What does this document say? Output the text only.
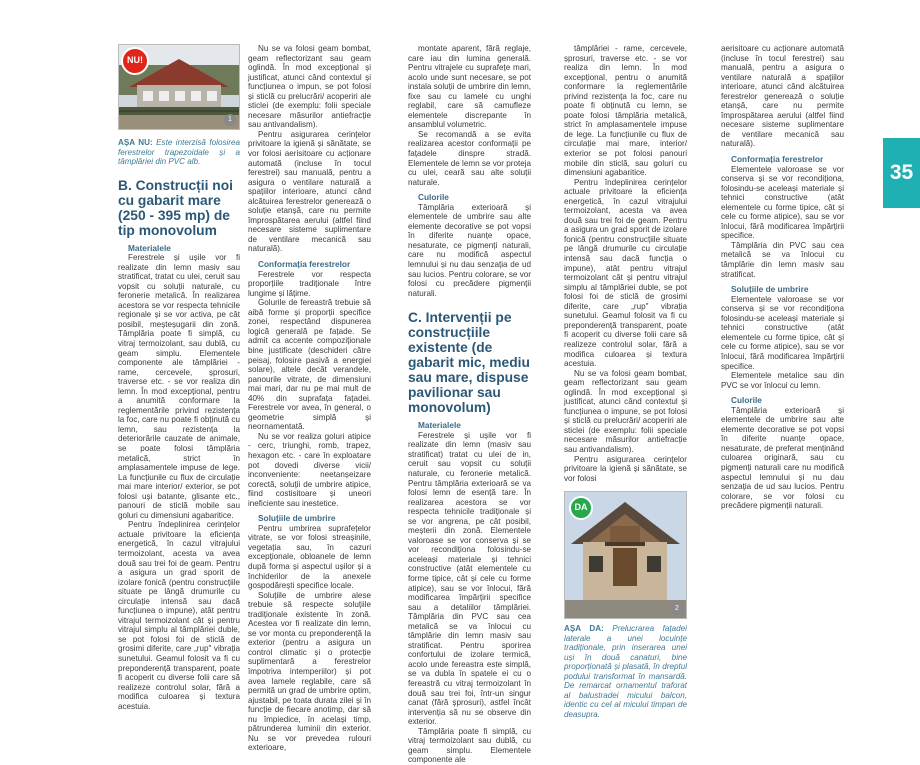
NU!
1

AȘA NU: Este interzisă folosirea ferestrelor trapezoidale și a tâmplăriei din PVC alb.

B. Construcții noi cu gabarit mare (250 - 395 mp) de tip monovolum
Materialele

Ferestrele și ușile vor fi realizate din lemn masiv sau stratificat, tratat cu ulei, ceruit sau vopsit cu soluții naturale, cu feronerie metalică. În realizarea acestora se vor respecta tehnicile regionale și se vor activa, pe cât posibil, meșteșugarii din zonă. Tâmplăria poate fi simplă, cu vitraj termoizolant, sau dublă, cu geam simplu. Elementele componente ale tâmplăriei - rame, cercevele, șprosuri, traverse etc. - se vor realiza din lemn. În mod excepțional, pentru a anumită conformare la reglementările privind rezistența la foc, care nu poate fi obținută cu lemn, sau rezistența la deteriorările cauzate de animale, se poate folosi tâmplăria metalică, strict în amplasamentele impuse de lege. La funcțiunile cu flux de circulație mai mare interior/ exterior, se pot folosi uși batante, glisante etc., panouri de sticlă mobile sau goluri cu dimensiuni agabaritice.

Pentru îndeplinirea cerințelor actuale privitoare la eficiența energetică, în cazul vitrajului termoizolant, acesta va avea două sau trei foi de geam. Pentru a asigura un grad sporit de izolare fonică (pentru construcțiile situate pe lângă drumurile cu circulație intensă sau dacă funcțiunea o impune), atât pentru vitrajul termoizolant cât și pentru vitrajul simplu al tâmplăriei duble, se pot folosi foi de sticlă de grosimi diferite, care „rup" vibrația sunetului. Geamul folosit va fi cu preponderență transparent, poate fi acoperit cu diverse folii care să realizeze controlul solar, fără a modifica culoarea și textura acestuia.

Nu se va folosi geam bombat, geam reflectorizant sau geam oglindă. În mod excepțional și justificat, atunci când contextul și funcțiunea o impun, se pot folosi și sticlă cu prelucrări/ acoperiri ale sticlei (de exemplu: folii speciale necesare măsurilor antiefracție sau antivandalism).

Pentru asigurarea cerințelor privitoare la igienă și sănătate, se vor folosi aerisitoare cu acționare automată (incluse în tocul ferestrei) sau manuală, pentru a asigura o ventilare naturală a spațiilor interioare, atunci când alcătuirea ferestrelor generează o soluție etanșă, care nu permite împrospătarea aerului (altfel fiind necesare sisteme suplimentare de ventilare mecanică sau naturală).

Conformația ferestrelor

Ferestrele vor respecta proporțiile tradiționale între lungime și lățime.

Golurile de fereastră trebuie să aibă forme și proporții specifice zonei, respectând dispunerea logică generală pe fațade. Se admit ca accente compoziționale bine justificate (deschideri către peisaj, folosire pasivă a energiei solare), altele decât verandele, panourile vitrate, de dimensiuni mai mari, dar nu pe mai mult de 40% din suprafața fațadei. Ferestrele vor avea, în general, o geometrie simplă și neornamentată.

Nu se vor realiza goluri atipice - cerc, triunghi, romb, trapez, hexagon etc. - care în exploatare pot dovedi diverse vicii/ inconveniente: neetanșeizare corectă, soluții de umbrire atipice, fiind costisitoare și uneori ineficiente sau inestetice.

Soluțiile de umbrire

Pentru umbrirea suprafețelor vitrate, se vor folosi streașinile, vegetația sau, în cazuri excepționale, obloanele de lemn după forma și aspectul ușilor și a închiderilor de la anexele gospodărești specifice locale.

Soluțiile de umbrire alese trebuie să respecte soluțiile tradiționale existente în zonă. Acestea vor fi realizate din lemn, se vor monta cu preponderență la exterior (pentru a asigura un control climatic și o protecție suplimentară a ferestrelor împotriva intemperiilor) și pot avea lamele reglabile, care să permită un grad de umbrire optim, ajustabil, pe toata durata zilei și în funcție de fiecare anotimp, dar să nu împiedice, în același timp, pătrunderea luminii din exterior. Nu se vor prevedea rulouri exterioare,

montate aparent, fără reglaje, care iau din lumina generală. Pentru vitrajele cu suprafețe mari, acolo unde sunt necesare, se pot instala soluții de umbrire din lemn, fixe sau cu lamele cu unghi reglabil, care să camufleze elementele discrepante în ansamblul volumetric.

Se recomandă a se evita realizarea acestor conformații pe fațadele dinspre stradă. Elementele de lemn se vor proteja cu ulei, ceară sau alte soluții naturale.

Culorile

Tâmplăria exterioară și elementele de umbrire sau alte elemente decorative se pot vopsi în diferite nuanțe opace, nesaturate, ce pigmenți naturali, care nu modifică aspectul lemnului și nu dau senzația de ud sau lucios. Pentru colorare, se vor folosi cu precădere pigmenții naturali.

C. Intervenții pe construcțiile existente (de gabarit mic, mediu sau mare, dispuse pavilionar sau monovolum)
Materialele

Ferestrele și ușile vor fi realizate din lemn (masiv sau stratificat) tratat cu ulei de in, ceruit sau vopsit cu soluții naturale, cu feronerie metalică. Pentru tâmplăria exterioară se va folosi lemn de esență tare. În realizarea acestora se vor respecta tehnicile tradiționale și se vor angrena, pe cât posibil, meșterii din zonă. Elementele valoroase se vor conserva și se vor recondiționa folosindu-se aceleași materiale și tehnici constructive (atât elementele cu forme tipice, cât și cele cu forme atipice), sau se vor înlocui, fără modificarea împărțirii specifice sau a detaliilor tâmplăriei. Tâmplăria din PVC sau cea metalică se va înlocui cu tâmplărie din lemn masiv sau stratificat. Pentru sporirea confortului de izolare termică, acolo unde fereastra este simplă, se va dubla în spatele ei cu o fereastră cu vitraj termoizolant în două sau trei foi, într-un singur canat (fără șprosuri), astfel încât intervenția să nu se observe din exterior.

Tâmplăria poate fi simplă, cu vitraj termoizolant sau dublă, cu geam simplu. Elementele componente ale

tâmplăriei - rame, cercevele, șprosuri, traverse etc. - se vor realiza din lemn. În mod excepțional, pentru o anumită conformare la reglementările privind rezistența la foc, care nu poate fi obținută cu lemn, se poate folosi tâmplăria metalică, strict în amplasamentele impuse de lege. La funcțiunile cu flux de circulație mai mare, interior/ exterior se pot folosi panouri mobile din sticlă, sau goluri cu dimensiuni agabaritice.

Pentru îndeplinirea cerințelor actuale privitoare la eficiența energetică, în cazul vitrajului termoizolant, acesta va avea două sau trei foi de geam. Pentru a asigura un grad sporit de izolare fonică (pentru construcțiile situate pe lângă drumurile cu circulație intensă sau dacă funcția o impune), atât pentru vitrajul termoizolant cât și pentru vitrajul simplu al tâmplăriei duble, se pot folosi foi de sticlă de grosimi diferite, care „rup" vibrația sunetului. Geamul folosit va fi cu preponderență transparent, poate fi acoperit cu diverse folii care să realizeze controlul solar, fără a modifica culoarea și textura acestuia.

Nu se va folosi geam bombat, geam reflectorizant sau geam oglindă. În mod excepțional și justificat, atunci când contextul și funcțiunea o impune, se pot folosi și sticlă cu prelucrări/ acoperiri ale sticlei (de exemplu: folii speciale necesare măsurilor antiefracție sau antivandalism).

Pentru asigurarea cerințelor privitoare la igienă și sănătate, se vor folosi

DA
2

AȘA DA: Prelucrarea fațadei laterale a unei locuințe tradiționale, prin inserarea unei uși în două canaturi, bine proporționată și plasată, în dreptul podului transformat în mansardă. De remarcat ornamentul traforat al balustradei micului balcon, identic cu cel al micului timpan de deasupra.

aerisitoare cu acționare automată (incluse în tocul ferestrei) sau manuală, pentru a asigura o ventilare naturală a spațiilor interioare, atunci când alcătuirea ferestrelor generează o soluție etanșă, care nu permite împrospătarea aerului (altfel fiind necesare sisteme suplimentare de ventilare mecanică sau naturală).

Conformația ferestrelor

Elementele valoroase se vor conserva și se vor recondiționa, folosindu-se aceleași materiale și tehnici constructive (atât elementele cu forme tipice, cât și cele cu forme atipice), sau se vor înlocui, fără modificarea împărțirii specifice.

Tâmplăria din PVC sau cea metalică se va înlocui cu tâmplărie din lemn masiv sau stratificat.

Soluțiile de umbrire

Elementele valoroase se vor conserva și se vor recondiționa folosindu-se aceleași materiale și tehnici constructive (atât elementele cu forme tipice, cât și cele cu forme atipice), sau se vor înlocui, fără modificarea împărțirii specifice.

Elementele metalice sau din PVC se vor înlocui cu lemn.

Culorile

Tâmplăria exterioară și elementele de umbrire sau alte elemente decorative se pot vopsi în diferite nuanțe opace, nesaturate, de preferat menținând culoarea originară, sau cu pigmenți naturali care nu modifică aspectul lemnului și nu dau senzația de ud sau lucios. Pentru colorare, se vor folosi cu precădere pigmenții naturali.

35
